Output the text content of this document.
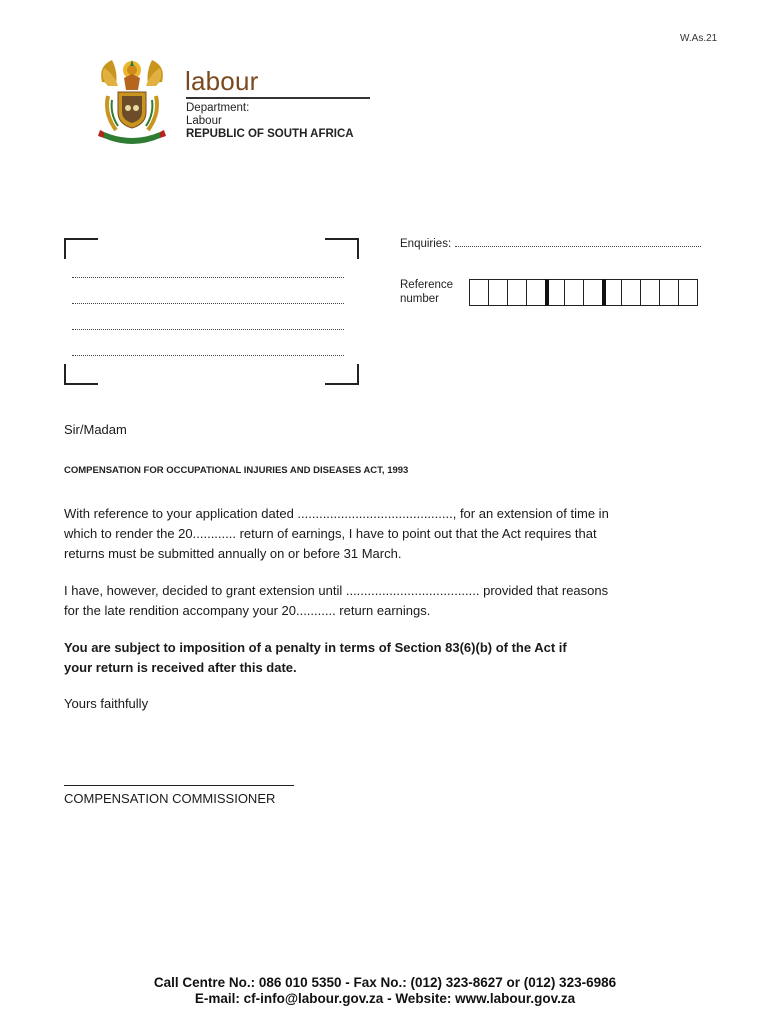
W.As.21
labour
Department:
Labour
REPUBLIC OF SOUTH AFRICA
Enquiries:
Reference
number
Sir/Madam
COMPENSATION FOR OCCUPATIONAL INJURIES AND DISEASES ACT, 1993
With reference to your application dated ..........................................., for an extension of time in
which to render the 20............ return of earnings, I have to point out that the Act requires that
returns must be submitted annually on or before 31 March.
I have, however, decided to grant extension until ..................................... provided that reasons
for the late rendition accompany your 20........... return earnings.
You are subject to imposition of a penalty in terms of Section 83(6)(b) of the Act if
your return is received after this date.
Yours faithfully
COMPENSATION COMMISSIONER
Call Centre No.: 086 010 5350 - Fax No.: (012) 323-8627 or (012) 323-6986
E-mail: cf-info@labour.gov.za - Website: www.labour.gov.za
